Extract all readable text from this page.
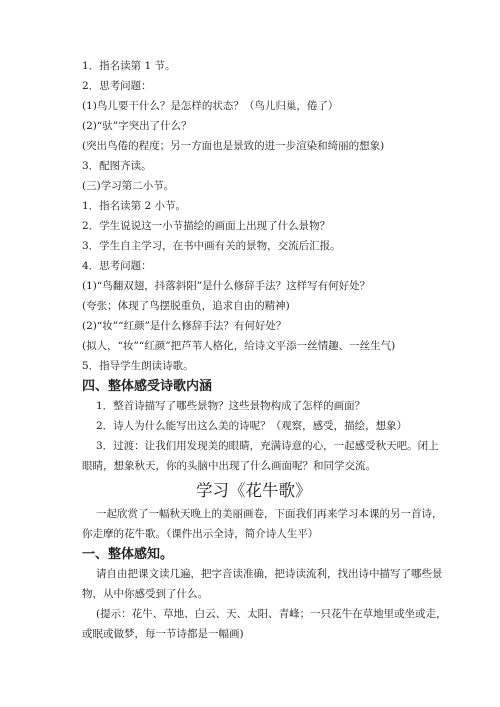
1．指名读第 1 节。
2．思考问题：
(1)鸟儿要干什么？是怎样的状态？（鸟儿归巢，倦了）
(2)“驮”字突出了什么？
(突出鸟倦的程度；另一方面也是景致的进一步渲染和绮丽的想象)
3．配图齐读。
(三)学习第二小节。
1．指名读第 2 小节。
2．学生说说这一小节描绘的画面上出现了什么景物？
3．学生自主学习，在书中画有关的景物，交流后汇报。
4．思考问题：
(1)“鸟翻双翅，抖落斜阳”是什么修辞手法？这样写有何好处？
(夸张；体现了鸟摆脱重负，追求自由的精神)
(2)“妆”“红颜”是什么修辞手法？有何好处？
(拟人，“妆”“红颜”把芦苇人格化，给诗文平添一丝情趣、一丝生气)
5．指导学生朗读诗歌。
四、整体感受诗歌内涵
1．整首诗描写了哪些景物？这些景物构成了怎样的画面？
2．诗人为什么能写出这么美的诗呢？（观察，感受，描绘，想象）
3．过渡：让我们用发现美的眼睛，充满诗意的心，一起感受秋天吧。闭上
眼睛，想象秋天，你的头脑中出现了什么画面呢？和同学交流。
学习《花牛歌》
一起欣赏了一幅秋天晚上的美丽画卷，下面我们再来学习本课的另一首诗，
你走摩的花牛歌。（课件出示全诗，简介诗人生平）
一、整体感知。
请自由把课文读几遍，把字音读准确，把诗读流利，找出诗中描写了哪些景
物，从中你感受到了什么。
(提示：花牛、草地、白云、天、太阳、青峰；一只花牛在草地里或坐或走，
或眠或做梦，每一节诗都是一幅画)
